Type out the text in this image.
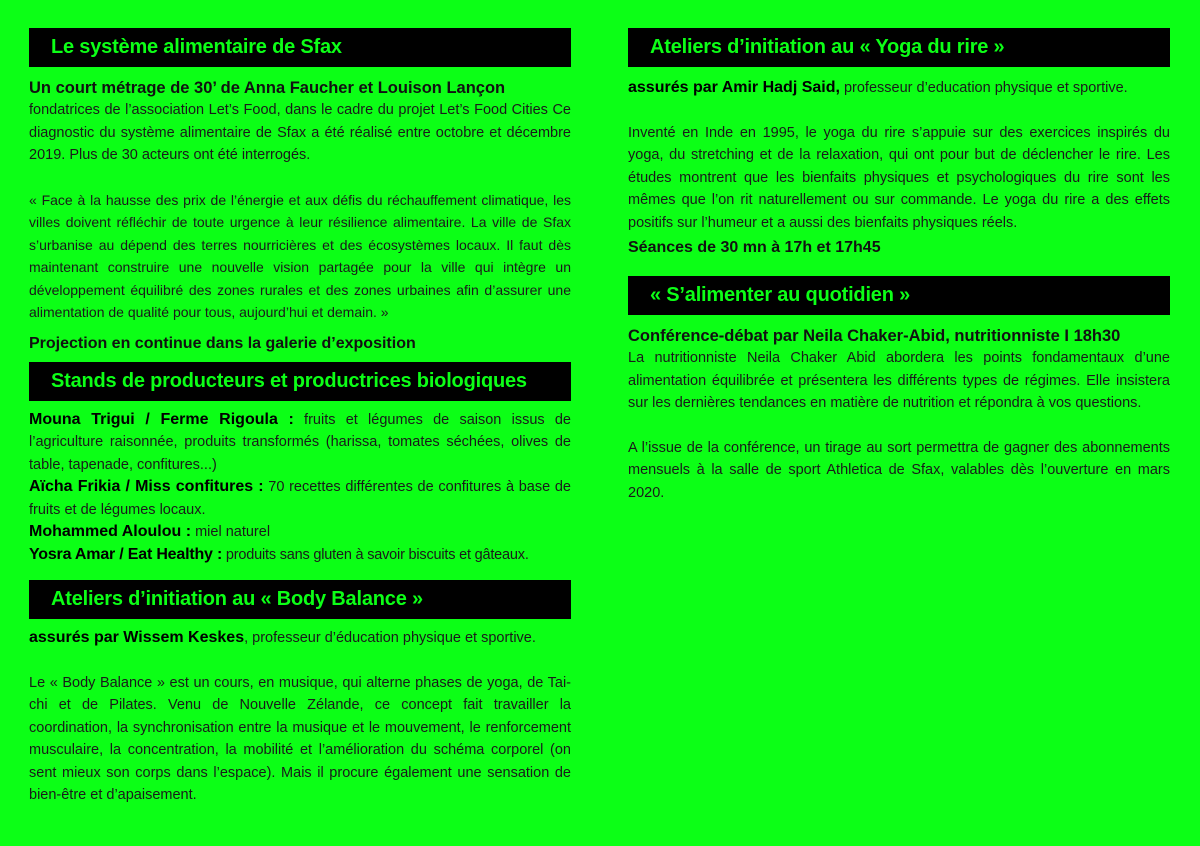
Le système alimentaire de Sfax
Un court métrage de 30’ de Anna Faucher et Louison Lançon

fondatrices de l’association Let’s Food, dans le cadre du projet Let’s Food Cities Ce diagnostic du système alimentaire de Sfax a été réalisé entre octobre et décembre 2019. Plus de 30 acteurs ont été interrogés.

« Face à la hausse des prix de l’énergie et aux défis du réchauffement climatique, les villes doivent réfléchir de toute urgence à leur résilience alimentaire. La ville de Sfax s’urbanise au dépend des terres nourricières et des écosystèmes locaux. Il faut dès maintenant construire une nouvelle vision partagée pour la ville qui intègre un développement équilibré des zones rurales et des zones urbaines afin d’assurer une alimentation de qualité pour tous, aujourd’hui et demain. »

Projection en continue dans la galerie d’exposition
Stands de producteurs et productrices biologiques

Mouna Trigui / Ferme Rigoula : fruits et légumes de saison issus de l’agriculture raisonnée, produits transformés (harissa, tomates séchées, olives de table, tapenade, confitures...)

Aïcha Frikia / Miss confitures : 70 recettes différentes de confitures à base de fruits et de légumes locaux.

Mohammed Aloulou : miel naturel

Yosra Amar / Eat Healthy : produits sans gluten à savoir biscuits et gâteaux.

Ateliers d’initiation au « Body Balance »

assurés par Wissem Keskes, professeur d’éducation physique et sportive.

Le « Body Balance » est un cours, en musique, qui alterne phases de yoga, de Tai-chi et de Pilates. Venu de Nouvelle Zélande, ce concept fait travailler la coordination, la synchronisation entre la musique et le mouvement, le renforcement musculaire, la concentration, la mobilité et l’amélioration du schéma corporel (on sent mieux son corps dans l’espace). Mais il procure également une sensation de bien-être et d’apaisement.

Ateliers d’initiation au « Yoga du rire »

assurés par Amir Hadj Said, professeur d’education physique et sportive.

Inventé en Inde en 1995, le yoga du rire s’appuie sur des exercices inspirés du yoga, du stretching et de la relaxation, qui ont pour but de déclencher le rire. Les études montrent que les bienfaits physiques et psychologiques du rire sont les mêmes que l’on rit naturellement ou sur commande. Le yoga du rire a des effets positifs sur l’humeur et a aussi des bienfaits physiques réels.

Séances de 30 mn à 17h et 17h45
« S’alimenter au quotidien »
Conférence-débat par Neila Chaker-Abid, nutritionniste I 18h30

La nutritionniste Neila Chaker Abid abordera les points fondamentaux d’une alimentation équilibrée et présentera les différents types de régimes. Elle insistera sur les dernières tendances en matière de nutrition et répondra à vos questions.

A l’issue de la conférence, un tirage au sort permettra de gagner des abonnements mensuels à la salle de sport Athletica de Sfax, valables dès l’ouverture en mars 2020.
